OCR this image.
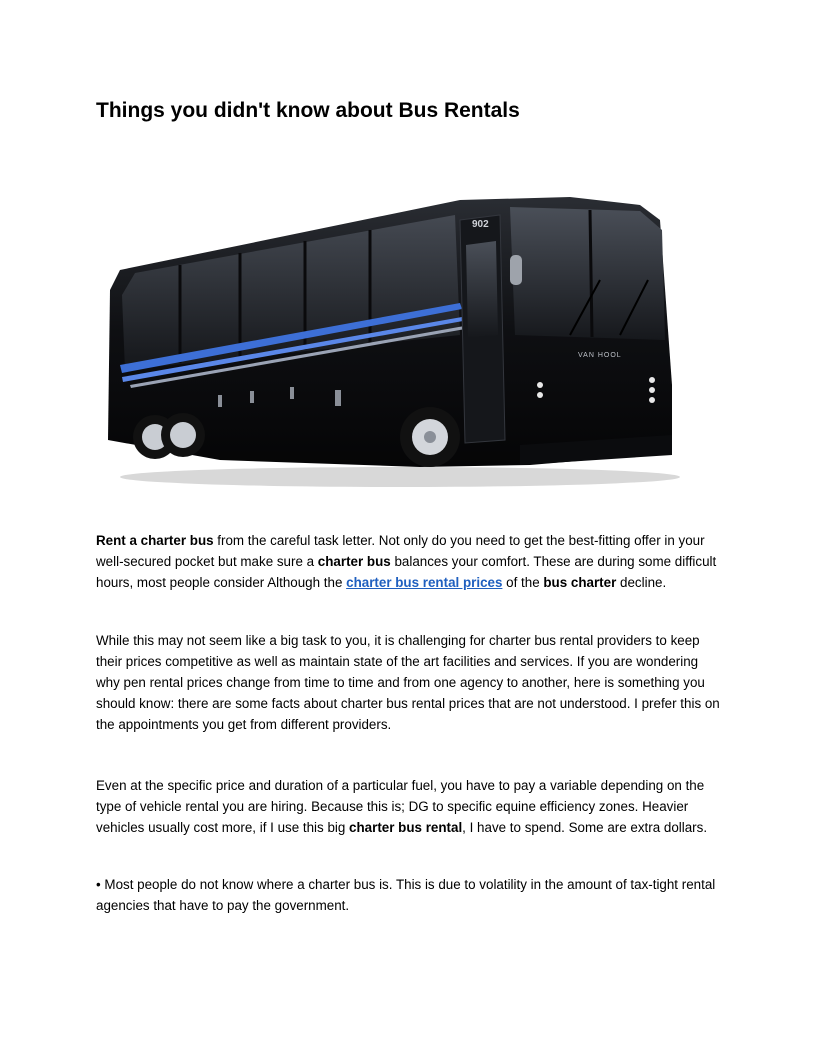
Things you didn't know about Bus Rentals
902
VAN HOOL

Rent a charter bus from the careful task letter. Not only do you need to get the best-fitting offer in your well-secured pocket but make sure a charter bus balances your comfort. These are during some difficult hours, most people consider Although the charter bus rental prices of the bus charter decline.

While this may not seem like a big task to you, it is challenging for charter bus rental providers to keep their prices competitive as well as maintain state of the art facilities and services. If you are wondering why pen rental prices change from time to time and from one agency to another, here is something you should know: there are some facts about charter bus rental prices that are not understood. I prefer this on the appointments you get from different providers.

Even at the specific price and duration of a particular fuel, you have to pay a variable depending on the type of vehicle rental you are hiring. Because this is; DG to specific equine efficiency zones. Heavier vehicles usually cost more, if I use this big charter bus rental, I have to spend. Some are extra dollars.

• Most people do not know where a charter bus is. This is due to volatility in the amount of tax-tight rental agencies that have to pay the government.
